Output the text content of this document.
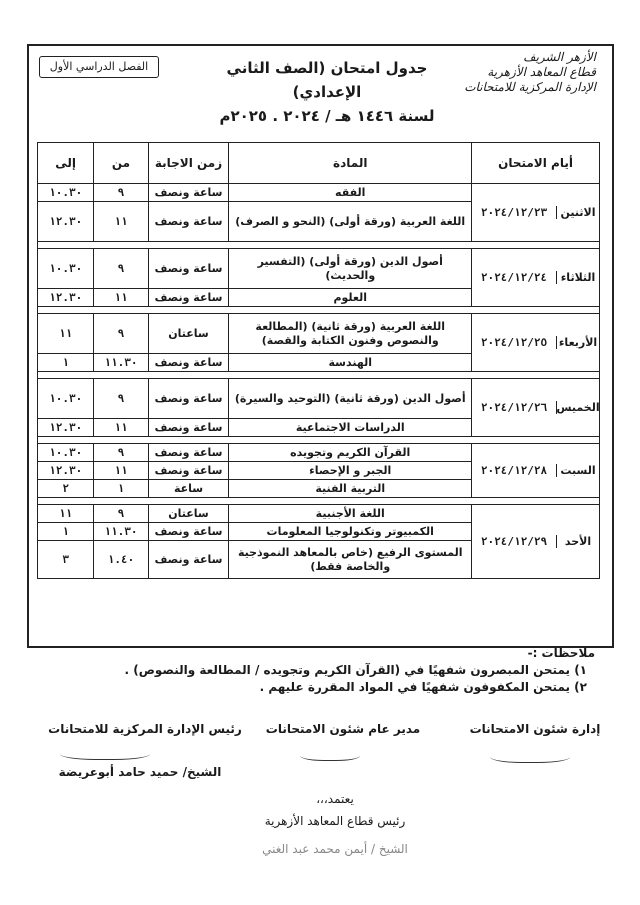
الأزهر الشريف
قطاع المعاهد الأزهرية
الإدارة المركزية للامتحانات
جدول امتحان (الصف الثاني الإعدادي)
لسنة ١٤٤٦ هـ / ٢٠٢٤ . ٢٠٢٥م
الفصل الدراسي الأول
أيام الامتحان	المادة	زمن الاجابة	من	إلى

الاثنين
٢٠٢٤/١٢/٢٣	الفقه	ساعة ونصف	٩	١٠.٣٠
	اللغة العربية (ورقة أولى) (النحو و الصرف)	ساعة ونصف	١١	١٢.٣٠

الثلاثاء
٢٠٢٤/١٢/٢٤	أصول الدين (ورقة أولى) (التفسير والحديث)	ساعة ونصف	٩	١٠.٣٠
	العلوم	ساعة ونصف	١١	١٢.٣٠

الأربعاء
٢٠٢٤/١٢/٢٥	اللغة العربية (ورقة ثانية) (المطالعة والنصوص وفنون الكتابة والقصة)	ساعتان	٩	١١
	الهندسة	ساعة ونصف	١١.٣٠	١

الخميس
٢٠٢٤/١٢/٢٦	أصول الدين (ورقة ثانية) (التوحيد والسيرة)	ساعة ونصف	٩	١٠.٣٠
	الدراسات الاجتماعية	ساعة ونصف	١١	١٢.٣٠

السبت
٢٠٢٤/١٢/٢٨	القرآن الكريم وتجويده	ساعة ونصف	٩	١٠.٣٠
	الجبر و الإحصاء	ساعة ونصف	١١	١٢.٣٠
	التربية الفنية	ساعة	١	٢

الأحد
٢٠٢٤/١٢/٢٩	اللغة الأجنبية	ساعتان	٩	١١
	الكمبيوتر وتكنولوجيا المعلومات	ساعة ونصف	١١.٣٠	١
	المستوى الرفيع (خاص بالمعاهد النموذجية والخاصة فقط)	ساعة ونصف	١.٤٠	٣
ملاحظات :-
١) يمتحن المبصرون شفهيًا في (القرآن الكريم وتجويده / المطالعة والنصوص) .
٢) يمتحن المكفوفون شفهيًا في المواد المقررة عليهم .
إدارة شئون الامتحانات
مدير عام شئون الامتحانات
رئيس الإدارة المركزية للامتحانات
الشيخ/ حميد حامد أبوعريضة
يعتمد،،،
رئيس قطاع المعاهد الأزهرية
الشيخ / أيمن محمد عبد الغني
